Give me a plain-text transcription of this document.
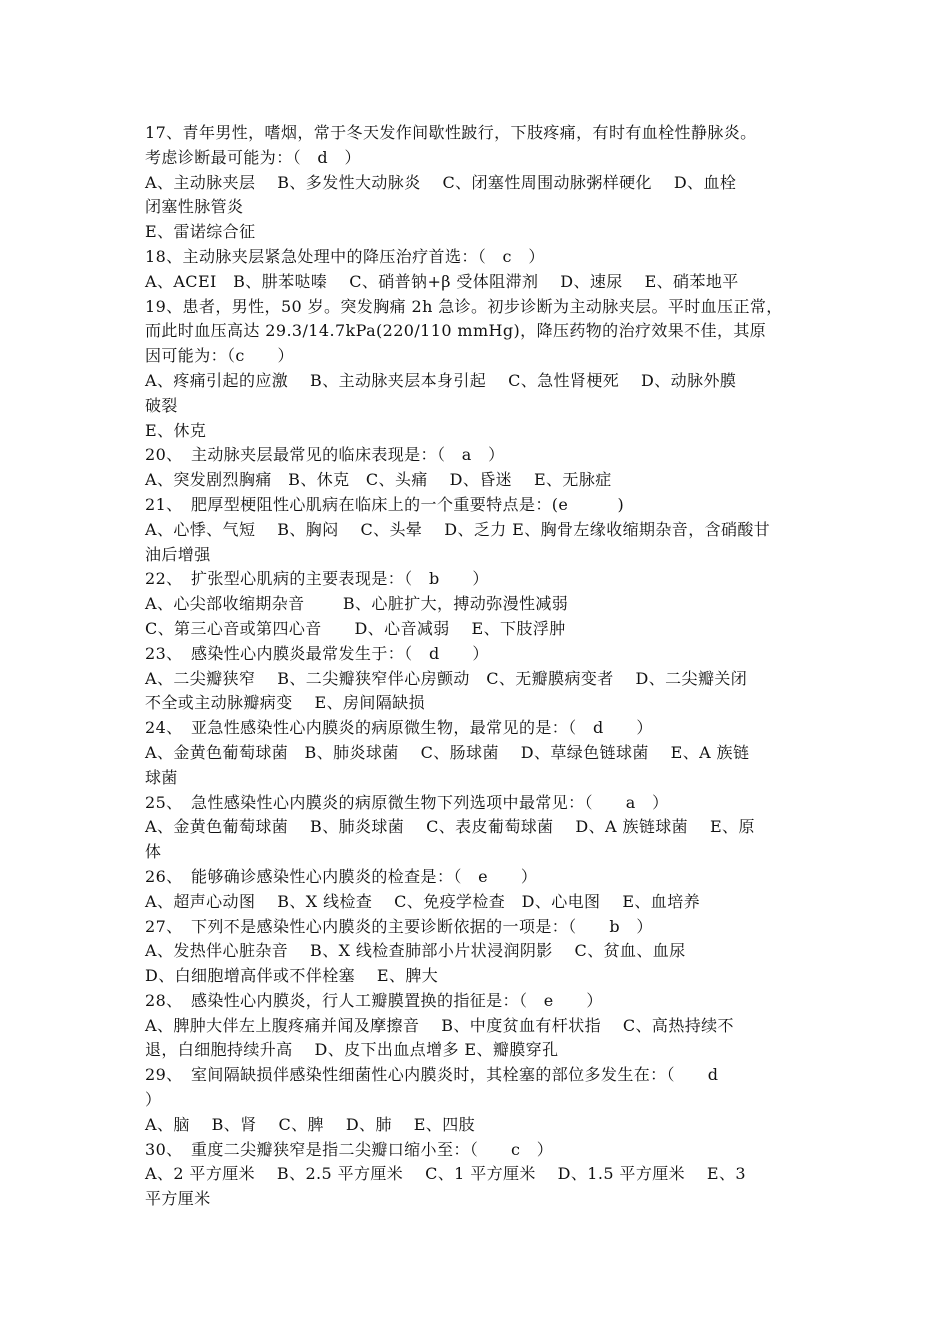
17、青年男性，嗜烟，常于冬天发作间歇性跛行，下肢疼痛，有时有血栓性静脉炎。
考虑诊断最可能为：（　d　）
A、主动脉夹层　 B、多发性大动脉炎　 C、闭塞性周围动脉粥样硬化　 D、血栓
闭塞性脉管炎
E、雷诺综合征
18、主动脉夹层紧急处理中的降压治疗首选：（　c　）
A、ACEI　B、肼苯哒嗪　 C、硝普钠+β 受体阻滞剂　 D、速尿　 E、硝苯地平
19、患者，男性，50 岁。突发胸痛 2h 急诊。初步诊断为主动脉夹层。平时血压正常，
而此时血压高达 29.3/14.7kPa(220/110 mmHg)，降压药物的治疗效果不佳，其原
因可能为：（c　　）
A、疼痛引起的应激　 B、主动脉夹层本身引起　 C、急性肾梗死　 D、动脉外膜
破裂
E、休克
20、　主动脉夹层最常见的临床表现是：（　a　）
A、突发剧烈胸痛　B、休克　C、头痛　 D、昏迷　 E、无脉症
21、　肥厚型梗阻性心肌病在临床上的一个重要特点是：(e　　　)
A、心悸、气短　 B、胸闷　 C、头晕　 D、乏力 E、胸骨左缘收缩期杂音，含硝酸甘
油后增强
22、　扩张型心肌病的主要表现是：（　b　　）
A、心尖部收缩期杂音　　 B、心脏扩大，搏动弥漫性减弱
C、第三心音或第四心音　　D、心音减弱　 E、下肢浮肿
23、　感染性心内膜炎最常发生于：（　d　　）
A、二尖瓣狭窄　 B、二尖瓣狭窄伴心房颤动　C、无瓣膜病变者　 D、二尖瓣关闭
不全或主动脉瓣病变　 E、房间隔缺损
24、　亚急性感染性心内膜炎的病原微生物，最常见的是：（　d　　）
A、金黄色葡萄球菌　B、肺炎球菌　 C、肠球菌　 D、草绿色链球菌　 E、A 族链
球菌
25、　急性感染性心内膜炎的病原微生物下列选项中最常见：（　　a　）
A、金黄色葡萄球菌　 B、肺炎球菌　 C、表皮葡萄球菌　 D、A 族链球菌　 E、原
体
26、　能够确诊感染性心内膜炎的检查是：（　e　　）
A、超声心动图　 B、X 线检查　 C、免疫学检查　D、心电图　 E、血培养
27、　下列不是感染性心内膜炎的主要诊断依据的一项是：（　　b　）
A、发热伴心脏杂音　 B、X 线检查肺部小片状浸润阴影　 C、贫血、血尿
D、白细胞增高伴或不伴栓塞　 E、脾大
28、　感染性心内膜炎，行人工瓣膜置换的指征是：（　e　　）
A、脾肿大伴左上腹疼痛并闻及摩擦音　 B、中度贫血有杆状指　 C、高热持续不
退，白细胞持续升高　 D、皮下出血点增多 E、瓣膜穿孔
29、　室间隔缺损伴感染性细菌性心内膜炎时，其栓塞的部位多发生在：（　　d
）
A、脑　 B、肾　 C、脾　 D、肺　 E、四肢
30、　重度二尖瓣狭窄是指二尖瓣口缩小至：（　　c　）
A、2 平方厘米　 B、2.5 平方厘米　 C、1 平方厘米　 D、1.5 平方厘米　 E、3
平方厘米
